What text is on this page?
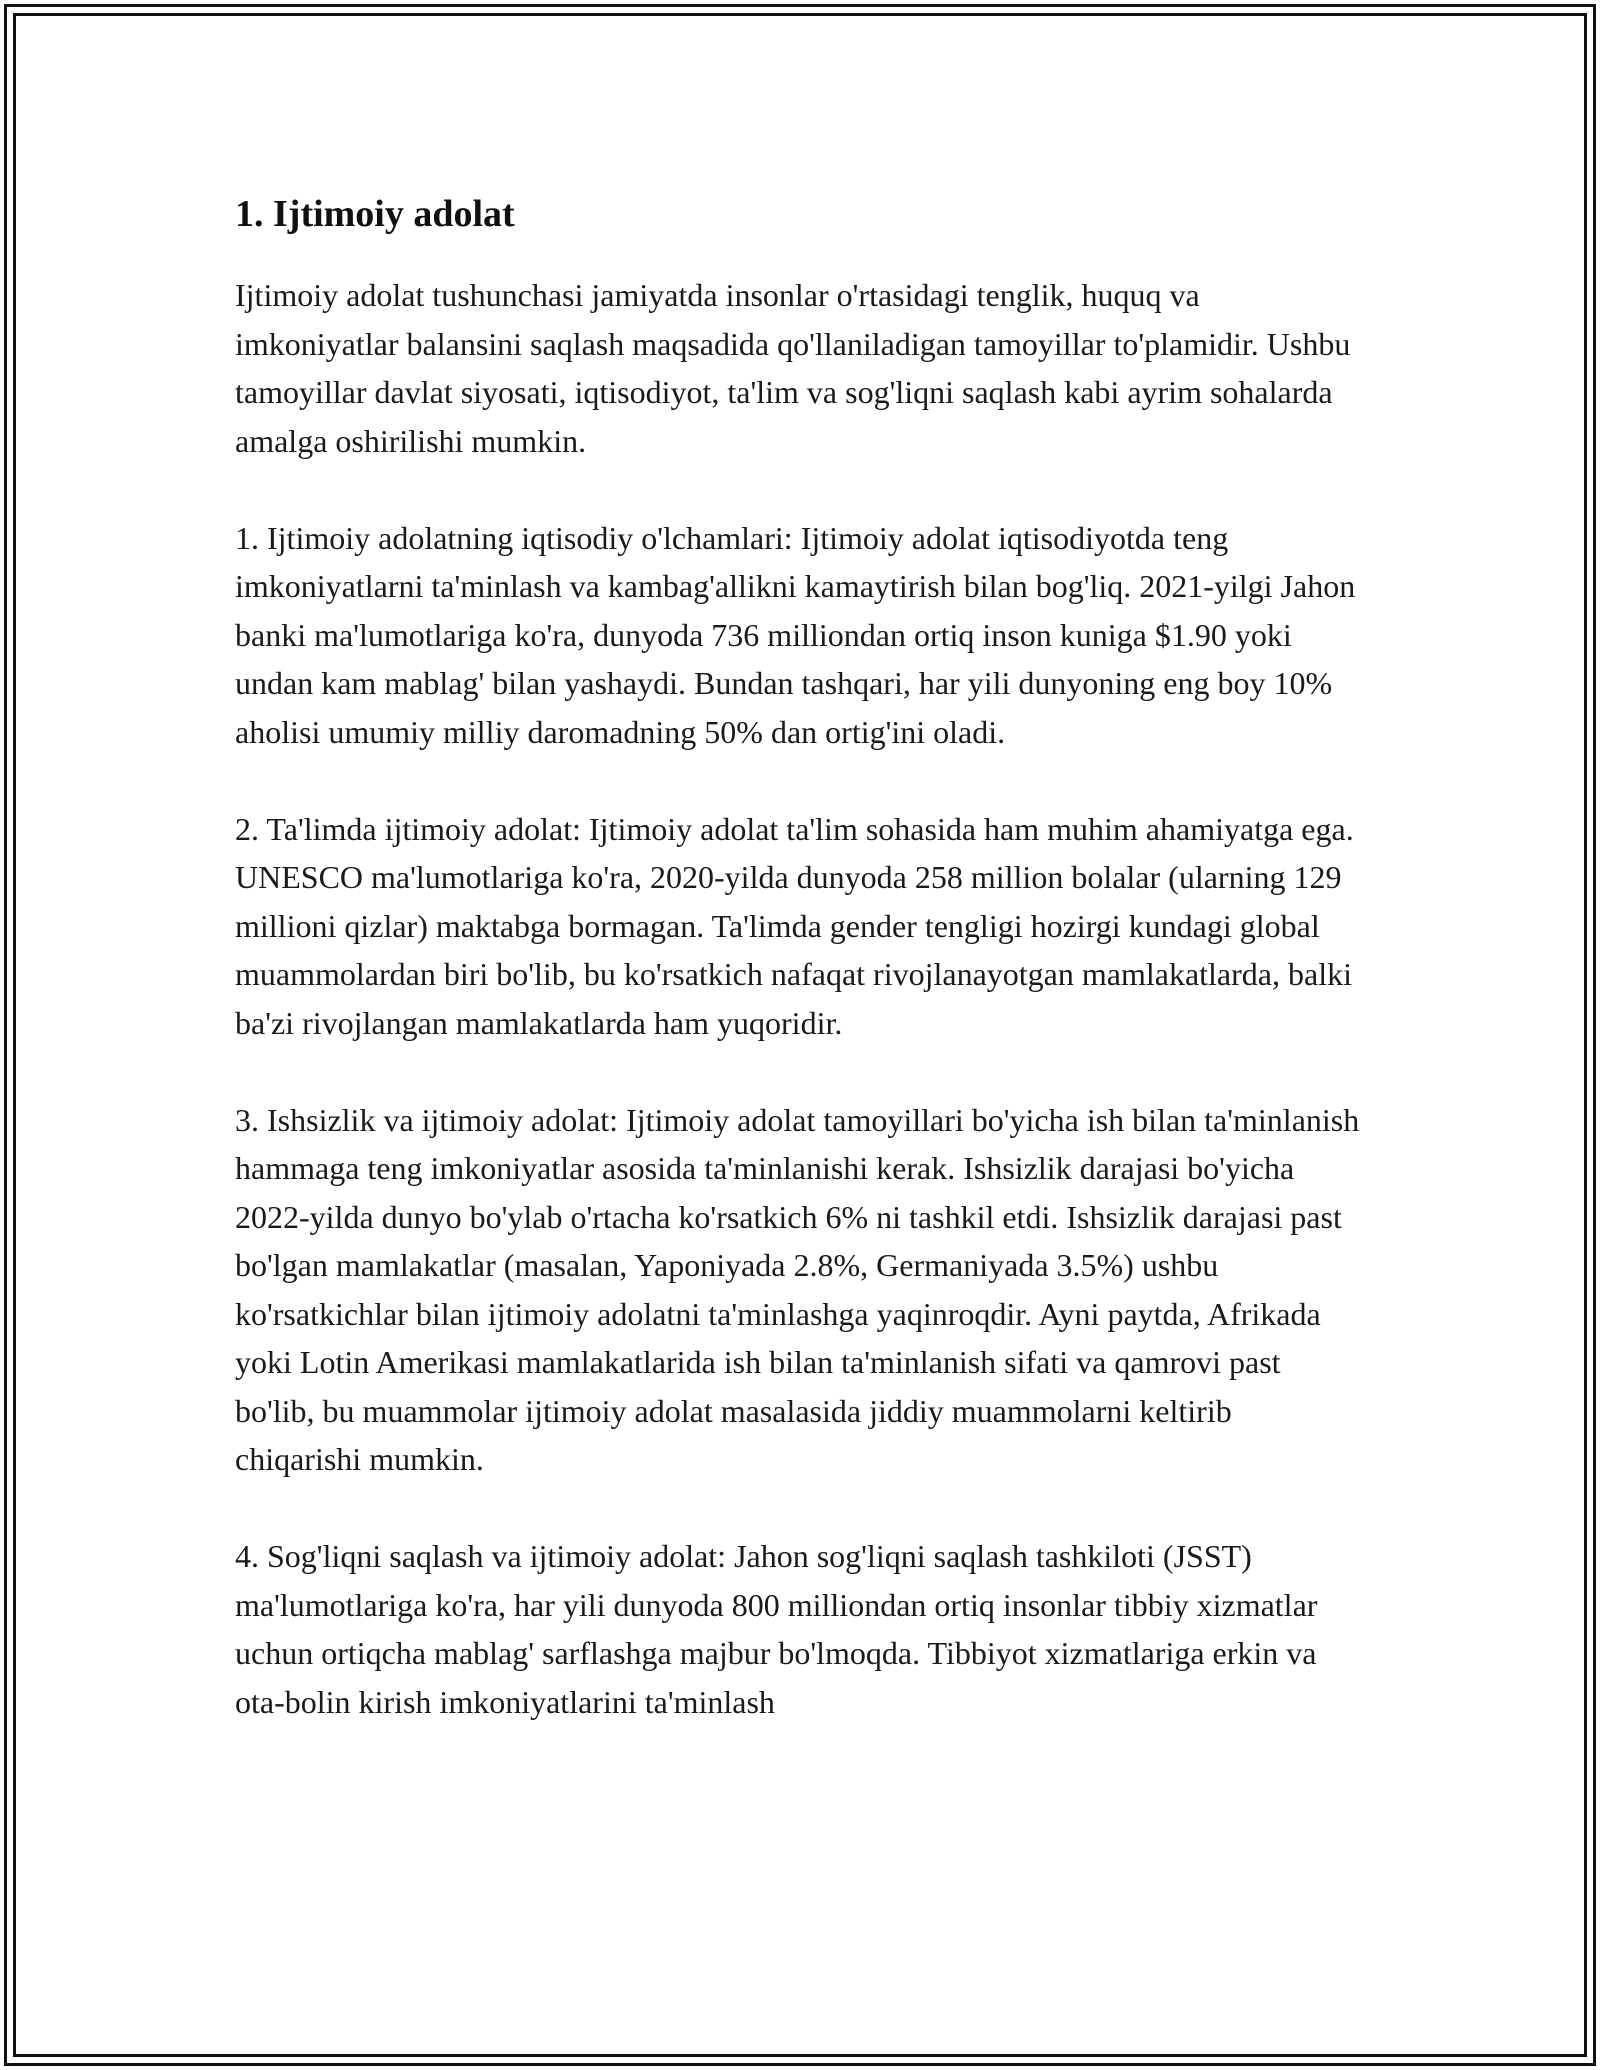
1. Ijtimoiy adolat

Ijtimoiy adolat tushunchasi jamiyatda insonlar o'rtasidagi tenglik, huquq va imkoniyatlar balansini saqlash maqsadida qo'llaniladigan tamoyillar to'plamidir. Ushbu tamoyillar davlat siyosati, iqtisodiyot, ta'lim va sog'liqni saqlash kabi ayrim sohalarda amalga oshirilishi mumkin.

1. Ijtimoiy adolatning iqtisodiy o'lchamlari: Ijtimoiy adolat iqtisodiyotda teng imkoniyatlarni ta'minlash va kambag'allikni kamaytirish bilan bog'liq. 2021-yilgi Jahon banki ma'lumotlariga ko'ra, dunyoda 736 milliondan ortiq inson kuniga $1.90 yoki undan kam mablag' bilan yashaydi. Bundan tashqari, har yili dunyoning eng boy 10% aholisi umumiy milliy daromadning 50% dan ortig'ini oladi.

2. Ta'limda ijtimoiy adolat: Ijtimoiy adolat ta'lim sohasida ham muhim ahamiyatga ega. UNESCO ma'lumotlariga ko'ra, 2020-yilda dunyoda 258 million bolalar (ularning 129 millioni qizlar) maktabga bormagan. Ta'limda gender tengligi hozirgi kundagi global muammolardan biri bo'lib, bu ko'rsatkich nafaqat rivojlanayotgan mamlakatlarda, balki ba'zi rivojlangan mamlakatlarda ham yuqoridir.

3. Ishsizlik va ijtimoiy adolat: Ijtimoiy adolat tamoyillari bo'yicha ish bilan ta'minlanish hammaga teng imkoniyatlar asosida ta'minlanishi kerak. Ishsizlik darajasi bo'yicha 2022-yilda dunyo bo'ylab o'rtacha ko'rsatkich 6% ni tashkil etdi. Ishsizlik darajasi past bo'lgan mamlakatlar (masalan, Yaponiyada 2.8%, Germaniyada 3.5%) ushbu ko'rsatkichlar bilan ijtimoiy adolatni ta'minlashga yaqinroqdir. Ayni paytda, Afrikada yoki Lotin Amerikasi mamlakatlarida ish bilan ta'minlanish sifati va qamrovi past bo'lib, bu muammolar ijtimoiy adolat masalasida jiddiy muammolarni keltirib chiqarishi mumkin.

4. Sog'liqni saqlash va ijtimoiy adolat: Jahon sog'liqni saqlash tashkiloti (JSST) ma'lumotlariga ko'ra, har yili dunyoda 800 milliondan ortiq insonlar tibbiy xizmatlar uchun ortiqcha mablag' sarflashga majbur bo'lmoqda. Tibbiyot xizmatlariga erkin va ota-bolin kirish imkoniyatlarini ta'minlash
